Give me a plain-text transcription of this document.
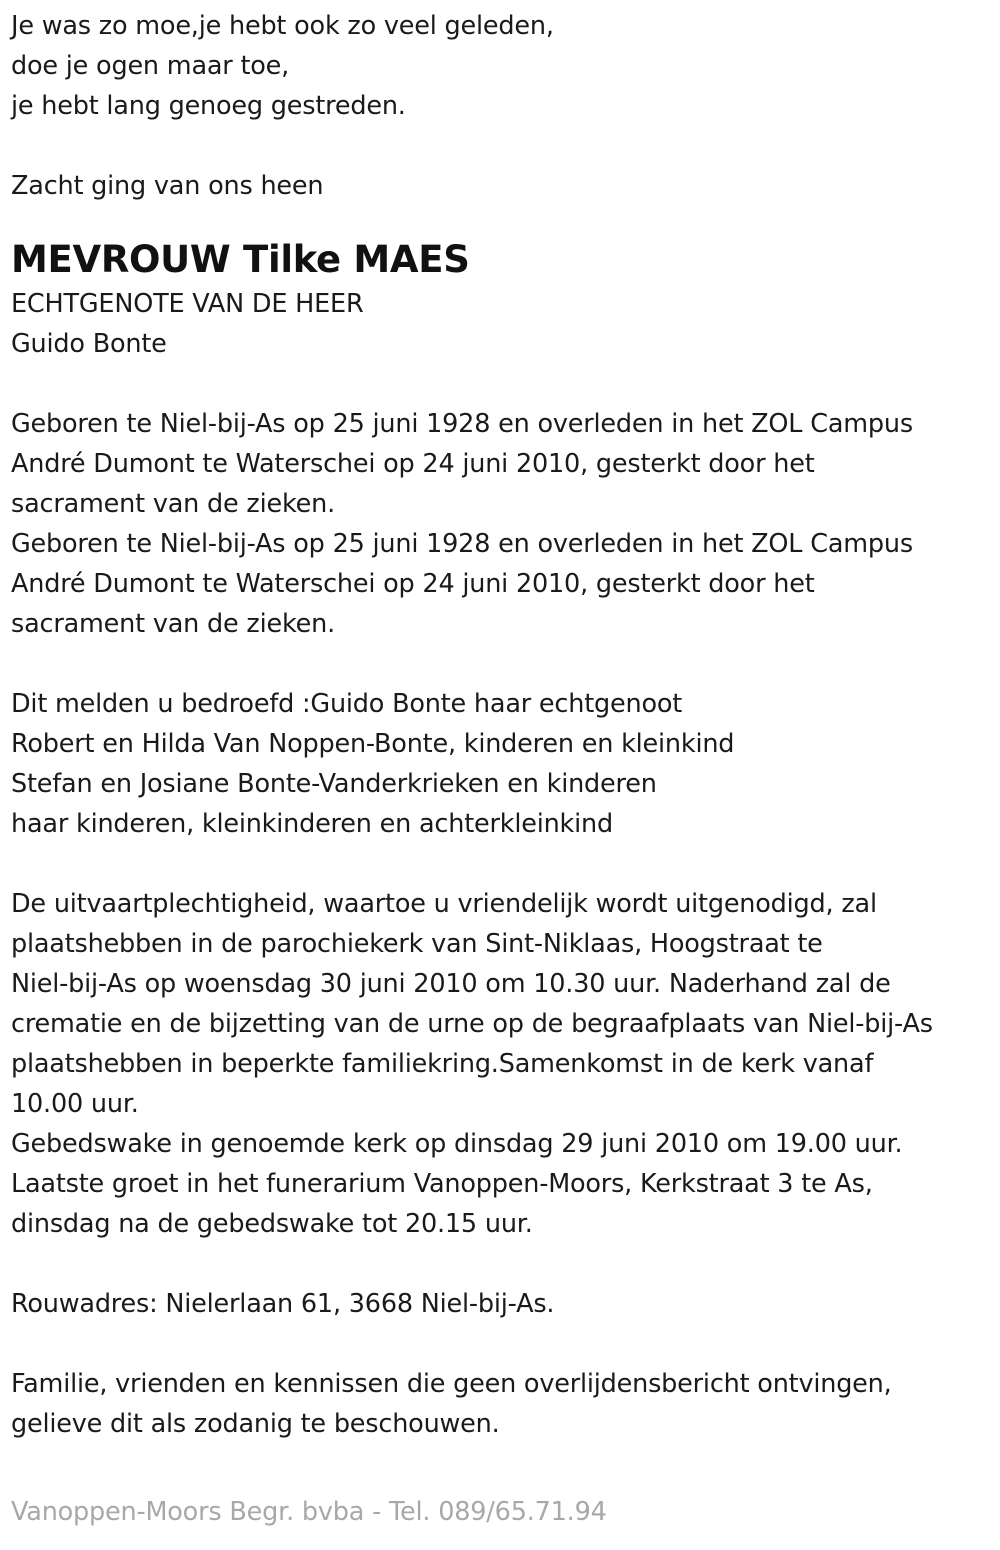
Je was zo moe,je hebt ook zo veel geleden,
doe je ogen maar toe,
je hebt lang genoeg gestreden.
Zacht ging van ons heen
MEVROUW Tilke MAES
ECHTGENOTE VAN DE HEER
Guido Bonte
Geboren te Niel-bij-As op 25 juni 1928 en overleden in het ZOL Campus
André Dumont te Waterschei op 24 juni 2010, gesterkt door het
sacrament van de zieken.
Geboren te Niel-bij-As op 25 juni 1928 en overleden in het ZOL Campus
André Dumont te Waterschei op 24 juni 2010, gesterkt door het
sacrament van de zieken.
Dit melden u bedroefd :Guido Bonte haar echtgenoot
Robert en Hilda Van Noppen-Bonte, kinderen en kleinkind
Stefan en Josiane Bonte-Vanderkrieken en kinderen
haar kinderen, kleinkinderen en achterkleinkind
De uitvaartplechtigheid, waartoe u vriendelijk wordt uitgenodigd, zal
plaatshebben in de parochiekerk van Sint-Niklaas, Hoogstraat te
Niel-bij-As op woensdag 30 juni 2010 om 10.30 uur. Naderhand zal de
crematie en de bijzetting van de urne op de begraafplaats van Niel-bij-As
plaatshebben in beperkte familiekring.Samenkomst in de kerk vanaf
10.00 uur.
Gebedswake in genoemde kerk op dinsdag 29 juni 2010 om 19.00 uur.
Laatste groet in het funerarium Vanoppen-Moors, Kerkstraat 3 te As,
dinsdag na de gebedswake tot 20.15 uur.
Rouwadres: Nielerlaan 61, 3668 Niel-bij-As.
Familie, vrienden en kennissen die geen overlijdensbericht ontvingen,
gelieve dit als zodanig te beschouwen.
Vanoppen-Moors Begr. bvba - Tel. 089/65.71.94
